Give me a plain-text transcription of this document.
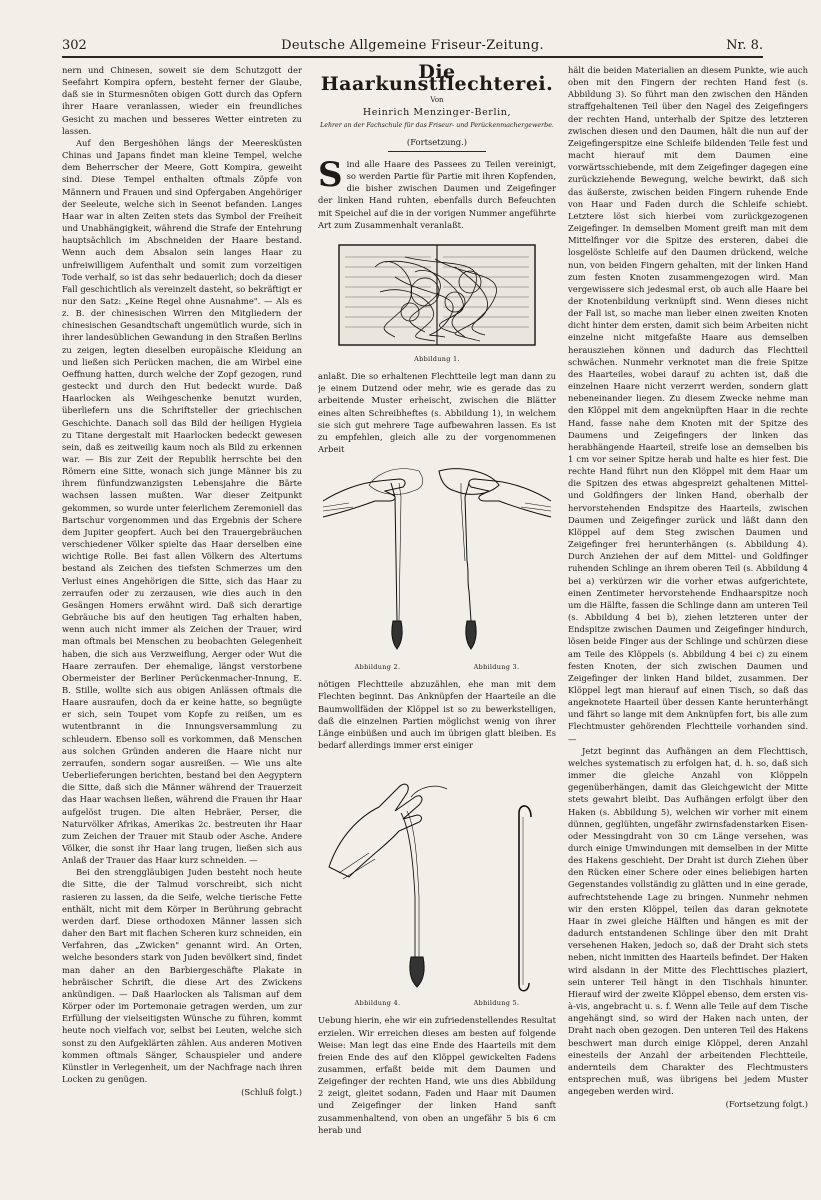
302	Deutsche Allgemeine Friseur-Zeitung.	Nr. 8.

nern und Chinesen, soweit sie dem Schutzgott der Seefahrt Kompira opfern, besteht ferner der Glaube, daß sie in Sturmesnöten obigen Gott durch das Opfern ihrer Haare veranlassen, wieder ein freundliches Gesicht zu machen und besseres Wetter eintreten zu lassen.

Auf den Bergeshöhen längs der Meeresküsten Chinas und Japans findet man kleine Tempel, welche dem Beherrscher der Meere, Gott Kompira, geweiht sind. Diese Tempel enthalten oftmals Zöpfe von Männern und Frauen und sind Opfergaben Angehöriger der Seeleute, welche sich in Seenot befanden. Langes Haar war in alten Zeiten stets das Symbol der Freiheit und Unabhängigkeit, während die Strafe der Entehrung hauptsächlich im Abschneiden der Haare bestand. Wenn auch dem Absalon sein langes Haar zu unfreiwilligem Aufenthalt und somit zum vorzeitigen Tode verhalf, so ist das sehr bedauerlich; doch da dieser Fall geschichtlich als vereinzelt dasteht, so bekräftigt er nur den Satz: „Keine Regel ohne Ausnahme". — Als es z. B. der chinesischen Wirren den Mitgliedern der chinesischen Gesandtschaft ungemütlich wurde, sich in ihrer landesüblichen Gewandung in den Straßen Berlins zu zeigen, legten dieselben europäische Kleidung an und ließen sich Perücken machen, die am Wirbel eine Oeffnung hatten, durch welche der Zopf gezogen, rund gesteckt und durch den Hut bedeckt wurde. Daß Haarlocken als Weihgeschenke benutzt wurden, überliefern uns die Schriftsteller der griechischen Geschichte. Danach soll das Bild der heiligen Hygieia zu Titane dergestalt mit Haarlocken bedeckt gewesen sein, daß es zeitweilig kaum noch als Bild zu erkennen war. — Bis zur Zeit der Republik herrschte bei den Römern eine Sitte, wonach sich junge Männer bis zu ihrem fünfundzwanzigsten Lebensjahre die Bärte wachsen lassen mußten. War dieser Zeitpunkt gekommen, so wurde unter feierlichem Zeremoniell das Bartschur vorgenommen und das Ergebnis der Schere dem Jupiter geopfert. Auch bei den Trauergebräuchen verschiedener Völker spielte das Haar derselben eine wichtige Rolle. Bei fast allen Völkern des Altertums bestand als Zeichen des tiefsten Schmerzes um den Verlust eines Angehörigen die Sitte, sich das Haar zu zerraufen oder zu zerzausen, wie dies auch in den Gesängen Homers erwähnt wird. Daß sich derartige Gebräuche bis auf den heutigen Tag erhalten haben, wenn auch nicht immer als Zeichen der Trauer, wird man oftmals bei Menschen zu beobachten Gelegenheit haben, die sich aus Verzweiflung, Aerger oder Wut die Haare zerraufen. Der ehemalige, längst verstorbene Obermeister der Berliner Perückenmacher-Innung, E. B. Stille, wollte sich aus obigen Anlässen oftmals die Haare ausraufen, doch da er keine hatte, so begnügte er sich, sein Toupet vom Kopfe zu reißen, um es wutentbrannt in die Innungsversammlung zu schleudern. Ebenso soll es vorkommen, daß Menschen aus solchen Gründen anderen die Haare nicht nur zerraufen, sondern sogar ausreißen. — Wie uns alte Ueberlieferungen berichten, bestand bei den Aegyptern die Sitte, daß sich die Männer während der Trauerzeit das Haar wachsen ließen, während die Frauen ihr Haar aufgelöst trugen. Die alten Hebräer, Perser, die Naturvölker Afrikas, Amerikas 2c. bestreuten ihr Haar zum Zeichen der Trauer mit Staub oder Asche. Andere Völker, die sonst ihr Haar lang trugen, ließen sich aus Anlaß der Trauer das Haar kurz schneiden. —

Bei den strenggläubigen Juden besteht noch heute die Sitte, die der Talmud vorschreibt, sich nicht rasieren zu lassen, da die Seife, welche tierische Fette enthält, nicht mit dem Körper in Berührung gebracht werden darf. Diese orthodoxen Männer lassen sich daher den Bart mit flachen Scheren kurz schneiden, ein Verfahren, das „Zwicken" genannt wird. An Orten, welche besonders stark von Juden bevölkert sind, findet man daher an den Barbiergeschäfte Plakate in hebräischer Schrift, die diese Art des Zwickens ankündigen. — Daß Haarlocken als Talisman auf dem Körper oder im Portemonaie getragen werden, um zur Erfüllung der vielseitigsten Wünsche zu führen, kommt heute noch vielfach vor, selbst bei Leuten, welche sich sonst zu den Aufgeklärten zählen. Aus anderen Motiven kommen oftmals Sänger, Schauspieler und andere Künstler in Verlegenheit, um der Nachfrage nach ihren Locken zu genügen.

(Schluß folgt.)
Die Haarkunstflechterei.
Von
Heinrich Menzinger-Berlin,
Lehrer an der Fachschule für das Friseur- und Perückenmachergewerbe.
(Fortsetzung.)

Sind alle Haare des Passees zu Teilen vereinigt, so werden Partie für Partie mit ihren Kopfenden, die bisher zwischen Daumen und Zeigefinger der linken Hand ruhten, ebenfalls durch Befeuchten mit Speichel auf die in der vorigen Nummer angeführte Art zum Zusammenhalt veranlaßt.

Abbildung 1.

anlaßt. Die so erhaltenen Flechtteile legt man dann zu je einem Dutzend oder mehr, wie es gerade das zu arbeitende Muster erheischt, zwischen die Blätter eines alten Schreibheftes (s. Abbildung 1), in welchem sie sich gut mehrere Tage aufbewahren lassen. Es ist zu empfehlen, gleich alle zu der vorgenommenen Arbeit

Abbildung 2.	Abbildung 3.

nötigen Flechtteile abzuzählen, ehe man mit dem Flechten beginnt. Das Anknüpfen der Haarteile an die Baumwollfäden der Klöppel ist so zu bewerkstelligen, daß die einzelnen Partien möglichst wenig von ihrer Länge einbüßen und auch im übrigen glatt bleiben. Es bedarf allerdings immer erst einiger

Abbildung 4.	Abbildung 5.

Uebung hierin, ehe wir ein zufriedenstellendes Resultat erzielen. Wir erreichen dieses am besten auf folgende Weise: Man legt das eine Ende des Haarteils mit dem freien Ende des auf den Klöppel gewickelten Fadens zusammen, erfaßt beide mit dem Daumen und Zeigefinger der rechten Hand, wie uns dies Abbildung 2 zeigt, gleitet sodann, Faden und Haar mit Daumen und Zeigefinger der linken Hand sanft zusammenhaltend, von oben an ungefähr 5 bis 6 cm herab und

hält die beiden Materialien an diesem Punkte, wie auch oben mit den Fingern der rechten Hand fest (s. Abbildung 3). So führt man den zwischen den Händen straffgehaltenen Teil über den Nagel des Zeigefingers der rechten Hand, unterhalb der Spitze des letzteren zwischen diesen und den Daumen, hält die nun auf der Zeigefingerspitze eine Schleife bildenden Teile fest und macht hierauf mit dem Daumen eine vorwärtsschiebende, mit dem Zeigefinger dagegen eine zurückziehende Bewegung, welche bewirkt, daß sich das äußerste, zwischen beiden Fingern ruhende Ende von Haar und Faden durch die Schleife schiebt. Letztere löst sich hierbei vom zurückgezogenen Zeigefinger. In demselben Moment greift man mit dem Mittelfinger vor die Spitze des ersteren, dabei die losgelöste Schleife auf den Daumen drückend, welche nun, von beiden Fingern gehalten, mit der linken Hand zum festen Knoten zusammengezogen wird. Man vergewissere sich jedesmal erst, ob auch alle Haare bei der Knotenbildung verknüpft sind. Wenn dieses nicht der Fall ist, so mache man lieber einen zweiten Knoten dicht hinter dem ersten, damit sich beim Arbeiten nicht einzelne nicht mitgefaßte Haare aus demselben herausziehen können und dadurch das Flechtteil schwächen. Nunmehr verknotet man die freie Spitze des Haarteiles, wobei darauf zu achten ist, daß die einzelnen Haare nicht verzerrt werden, sondern glatt nebeneinander liegen. Zu diesem Zwecke nehme man den Klöppel mit dem angeknüpften Haar in die rechte Hand, fasse nahe dem Knoten mit der Spitze des Daumens und Zeigefingers der linken das herabhängende Haarteil, streife lose an demselben bis 1 cm vor seiner Spitze herab und halte es hier fest. Die rechte Hand führt nun den Klöppel mit dem Haar um die Spitzen des etwas abgespreizt gehaltenen Mittel- und Goldfingers der linken Hand, oberhalb der hervorstehenden Endspitze des Haarteils, zwischen Daumen und Zeigefinger zurück und läßt dann den Klöppel auf dem Steg zwischen Daumen und Zeigefinger frei herunterhängen (s. Abbildung 4). Durch Anziehen der auf dem Mittel- und Goldfinger ruhenden Schlinge an ihrem oberen Teil (s. Abbildung 4 bei a) verkürzen wir die vorher etwas aufgerichtete, einen Zentimeter hervorstehende Endhaarspitze noch um die Hälfte, fassen die Schlinge dann am unteren Teil (s. Abbildung 4 bei b), ziehen letzteren unter der Endspitze zwischen Daumen und Zeigefinger hindurch, lösen beide Finger aus der Schlinge und schürzen diese am Teile des Klöppels (s. Abbildung 4 bei c) zu einem festen Knoten, der sich zwischen Daumen und Zeigefinger der linken Hand bildet, zusammen. Der Klöppel legt man hierauf auf einen Tisch, so daß das angeknotete Haarteil über dessen Kante herunterhängt und fährt so lange mit dem Anknüpfen fort, bis alle zum Flechtmuster gehörenden Flechtteile vorhanden sind. —

Jetzt beginnt das Aufhängen an dem Flechttisch, welches systematisch zu erfolgen hat, d. h. so, daß sich immer die gleiche Anzahl von Klöppeln gegenüberhängen, damit das Gleichgewicht der Mitte stets gewahrt bleibt. Das Aufhängen erfolgt über den Haken (s. Abbildung 5), welchen wir vorher mit einem dünnen, geglühten, ungefähr zwirnsfadenstarken Eisen- oder Messingdraht von 30 cm Länge versehen, was durch einige Umwindungen mit demselben in der Mitte des Hakens geschieht. Der Draht ist durch Ziehen über den Rücken einer Schere oder eines beliebigen harten Gegenstandes vollständig zu glätten und in eine gerade, aufrechtstehende Lage zu bringen. Nunmehr nehmen wir den ersten Klöppel, teilen das daran geknotete Haar in zwei gleiche Hälften und hängen es mit der dadurch entstandenen Schlinge über den mit Draht versehenen Haken, jedoch so, daß der Draht sich stets neben, nicht inmitten des Haarteils befindet. Der Haken wird alsdann in der Mitte des Flechttisches plaziert, sein unterer Teil hängt in den Tischhals hinunter. Hierauf wird der zweite Klöppel ebenso, dem ersten vis-à-vis, angebracht u. s. f. Wenn alle Teile auf dem Tische angehängt sind, so wird der Haken nach unten, der Draht nach oben gezogen. Den unteren Teil des Hakens beschwert man durch einige Klöppel, deren Anzahl einesteils der Anzahl der arbeitenden Flechtteile, andernteils dem Charakter des Flechtmusters entsprechen muß, was übrigens bei jedem Muster angegeben werden wird.

(Fortsetzung folgt.)
